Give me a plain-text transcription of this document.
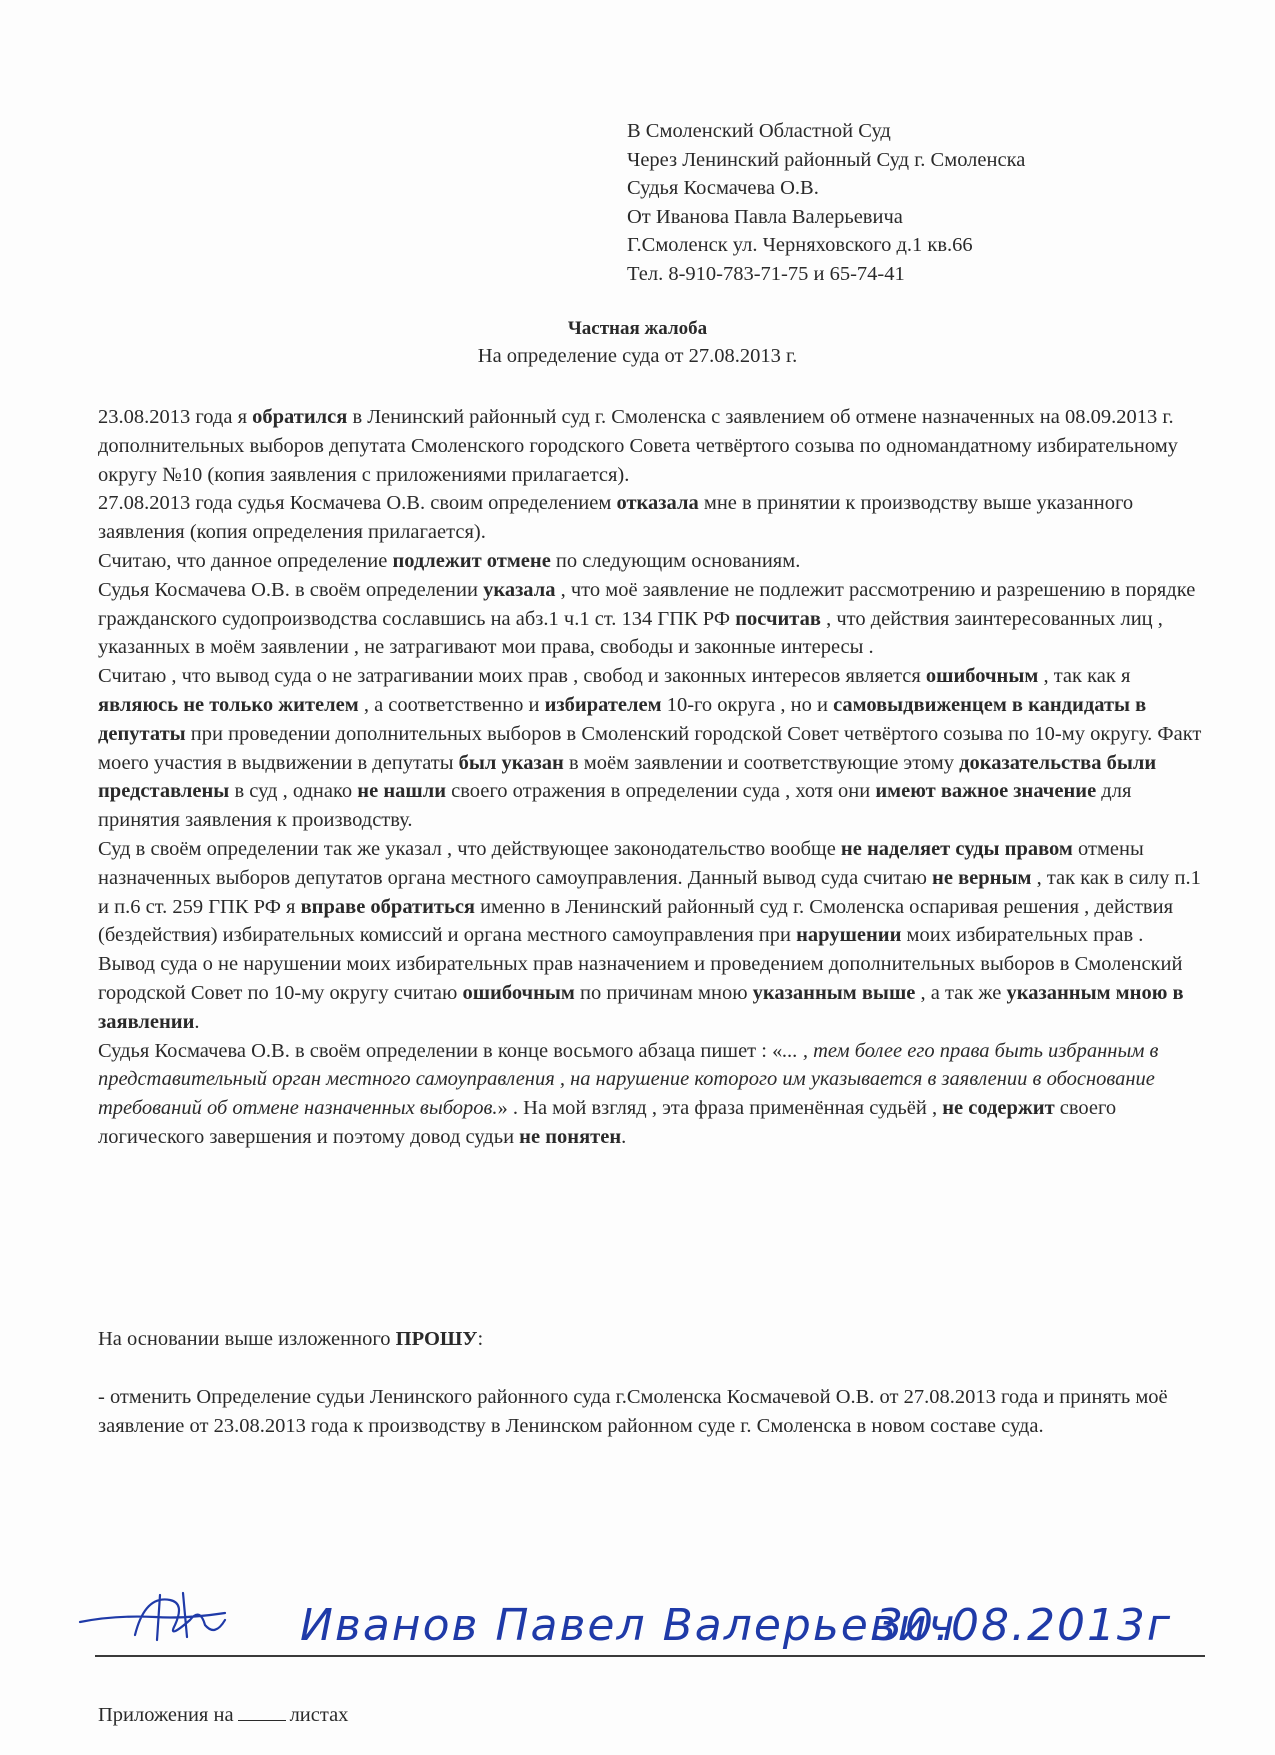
В Смоленский Областной Суд
Через Ленинский районный Суд г. Смоленска
Судья Космачева О.В.
От Иванова Павла Валерьевича
Г.Смоленск ул. Черняховского д.1 кв.66
Тел. 8-910-783-71-75 и 65-74-41
Частная жалоба
На определение суда от 27.08.2013 г.

23.08.2013 года я обратился в Ленинский районный суд г. Смоленска с заявлением об отмене назначенных на 08.09.2013 г. дополнительных выборов депутата Смоленского городского Совета четвёртого созыва по одномандатному избирательному округу №10 (копия заявления с приложениями прилагается).

27.08.2013 года судья Космачева О.В. своим определением отказала мне в принятии к производству выше указанного заявления (копия определения прилагается).

Считаю, что данное определение подлежит отмене по следующим основаниям.

Судья Космачева О.В. в своём определении указала , что моё заявление не подлежит рассмотрению и разрешению в порядке гражданского судопроизводства сославшись на абз.1 ч.1 ст. 134 ГПК РФ посчитав , что действия заинтересованных лиц , указанных в моём заявлении , не затрагивают мои права, свободы и законные интересы .

Считаю , что вывод суда о не затрагивании моих прав , свобод и законных интересов является ошибочным , так как я являюсь не только жителем , а соответственно и избирателем 10-го округа , но и самовыдвиженцем в кандидаты в депутаты при проведении дополнительных выборов в Смоленский городской Совет четвёртого созыва по 10-му округу. Факт моего участия в выдвижении в депутаты был указан в моём заявлении и соответствующие этому доказательства были представлены в суд , однако не нашли своего отражения в определении суда , хотя они имеют важное значение для принятия заявления к производству.

Суд в своём определении так же указал , что действующее законодательство вообще не наделяет суды правом отмены назначенных выборов депутатов органа местного самоуправления. Данный вывод суда считаю не верным , так как в силу п.1 и п.6 ст. 259 ГПК РФ я вправе обратиться именно в Ленинский районный суд г. Смоленска оспаривая решения , действия (бездействия) избирательных комиссий и органа местного самоуправления при нарушении моих избирательных прав .

Вывод суда о не нарушении моих избирательных прав назначением и проведением дополнительных выборов в Смоленский городской Совет по 10-му округу считаю ошибочным по причинам мною указанным выше , а так же указанным мною в заявлении.

Судья Космачева О.В. в своём определении в конце восьмого абзаца пишет : «... , тем более его права быть избранным в представительный орган местного самоуправления , на нарушение которого им указывается в заявлении в обоснование требований об отмене назначенных выборов.» . На мой взгляд , эта фраза применённая судьёй , не содержит своего логического завершения и поэтому довод судьи не понятен.

На основании выше изложенного ПРОШУ:
- отменить Определение судьи Ленинского районного суда г.Смоленска Космачевой О.В. от 27.08.2013 года и принять моё заявление от 23.08.2013 года к производству в Ленинском районном суде г. Смоленска в новом составе суда.
Иванов Павел Валерьевич
30.08.2013г
Приложения на	листах
